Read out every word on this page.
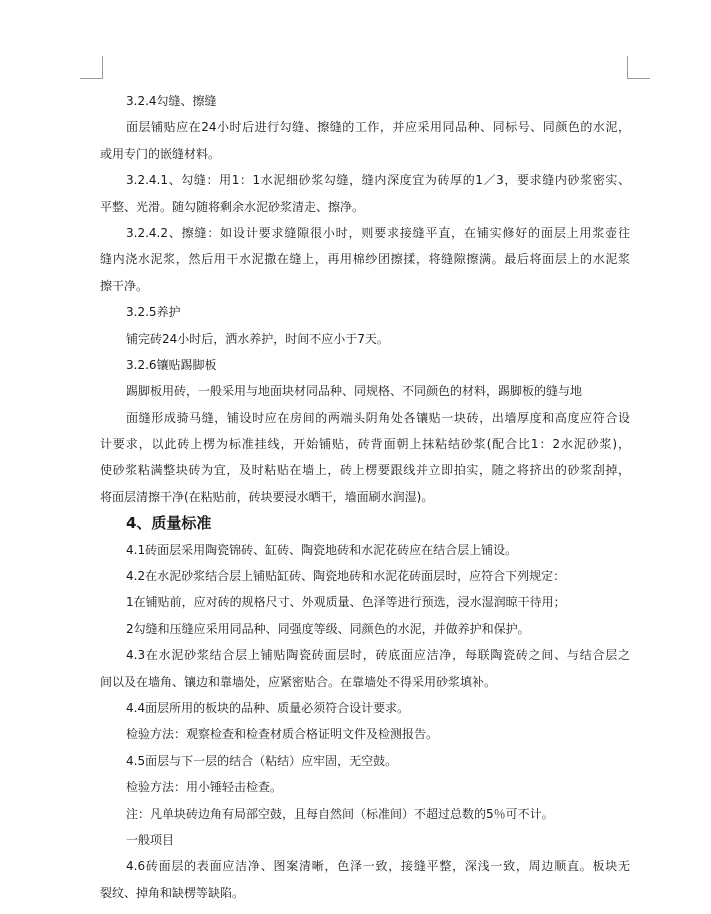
3.2.4勾缝、擦缝
面层铺贴应在24小时后进行勾缝、擦缝的工作，并应采用同品种、同标号、同颜色的水泥，
或用专门的嵌缝材料。
3.2.4.1、勾缝：用1：1水泥细砂浆勾缝，缝内深度宜为砖厚的1／3，要求缝内砂浆密实、
平整、光滑。随勾随将剩余水泥砂浆清走、擦净。
3.2.4.2、擦缝：如设计要求缝隙很小时，则要求接缝平直，在铺实修好的面层上用浆壶往
缝内浇水泥浆，然后用干水泥撒在缝上，再用棉纱团擦揉，将缝隙擦满。最后将面层上的水泥浆
擦干净。
3.2.5养护
铺完砖24小时后，洒水养护，时间不应小于7天。
3.2.6镶贴踢脚板
踢脚板用砖，一般采用与地面块材同品种、同规格、不同颜色的材料，踢脚板的缝与地
面缝形成骑马缝，铺设时应在房间的两端头阴角处各镶贴一块砖，出墙厚度和高度应符合设
计要求，以此砖上楞为标准挂线，开始铺贴，砖背面朝上抹粘结砂浆(配合比1：2水泥砂浆)，
使砂浆粘满整块砖为宜，及时粘贴在墙上，砖上楞要跟线并立即拍实，随之将挤出的砂浆刮掉，
将面层清擦干净(在粘贴前，砖块要浸水晒干，墙面刷水润湿)。
4、质量标准
4.1砖面层采用陶瓷锦砖、缸砖、陶瓷地砖和水泥花砖应在结合层上铺设。
4.2在水泥砂浆结合层上铺贴缸砖、陶瓷地砖和水泥花砖面层时，应符合下列规定：
1在铺贴前，应对砖的规格尺寸、外观质量、色泽等进行预选，浸水湿润晾干待用；
2勾缝和压缝应采用同品种、同强度等级、同颜色的水泥，并做养护和保护。
4.3在水泥砂浆结合层上铺贴陶瓷砖面层时，砖底面应洁净，每联陶瓷砖之间、与结合层之
间以及在墙角、镶边和靠墙处，应紧密贴合。在靠墙处不得采用砂浆填补。
4.4面层所用的板块的品种、质量必须符合设计要求。
检验方法：观察检查和检查材质合格证明文件及检测报告。
4.5面层与下一层的结合（粘结）应牢固，无空鼓。
检验方法：用小锤轻击检查。
注：凡单块砖边角有局部空鼓，且每自然间（标准间）不超过总数的5％可不计。
一般项目
4.6砖面层的表面应洁净、图案清晰，色泽一致，接缝平整，深浅一致，周边顺直。板块无
裂纹、掉角和缺楞等缺陷。
